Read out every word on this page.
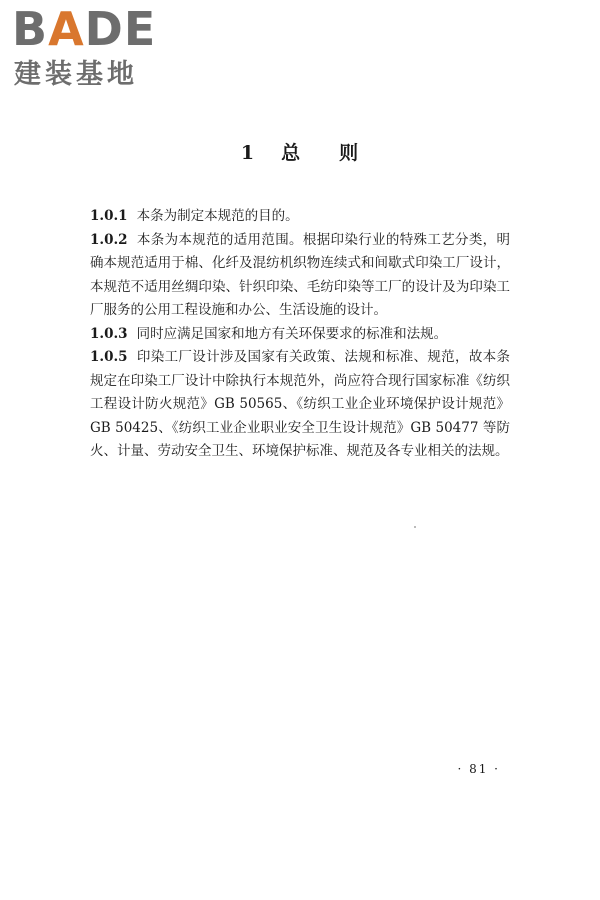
BADE
建装基地
1 总 则

1.0.1 本条为制定本规范的目的。

1.0.2 本条为本规范的适用范围。根据印染行业的特殊工艺分类，明确本规范适用于棉、化纤及混纺机织物连续式和间歇式印染工厂设计，本规范不适用丝绸印染、针织印染、毛纺印染等工厂的设计及为印染工厂服务的公用工程设施和办公、生活设施的设计。

1.0.3 同时应满足国家和地方有关环保要求的标准和法规。

1.0.5 印染工厂设计涉及国家有关政策、法规和标准、规范，故本条规定在印染工厂设计中除执行本规范外，尚应符合现行国家标准《纺织工程设计防火规范》GB 50565、《纺织工业企业环境保护设计规范》GB 50425、《纺织工业企业职业安全卫生设计规范》GB 50477 等防火、计量、劳动安全卫生、环境保护标准、规范及各专业相关的法规。

· 81 ·
